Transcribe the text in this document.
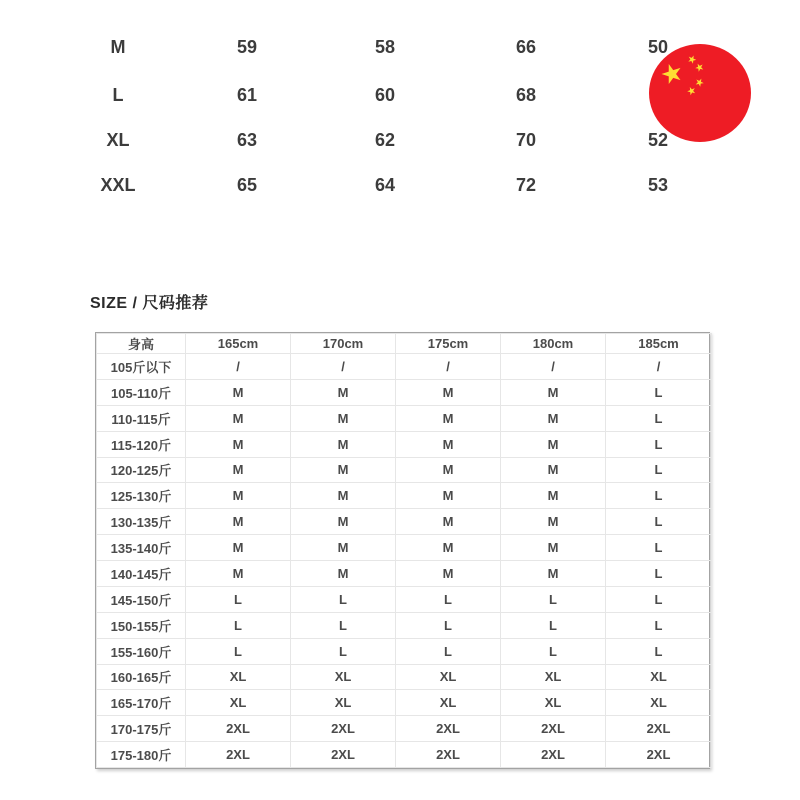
M	59	58	66	50
L	61	60	68
XL	63	62	70	52
XXL	65	64	72	53
SIZE / 尺码推荐
身高	165cm	170cm	175cm	180cm	185cm
105斤以下	/	/	/	/	/
105-110斤	M	M	M	M	L
110-115斤	M	M	M	M	L
115-120斤	M	M	M	M	L
120-125斤	M	M	M	M	L
125-130斤	M	M	M	M	L
130-135斤	M	M	M	M	L
135-140斤	M	M	M	M	L
140-145斤	M	M	M	M	L
145-150斤	L	L	L	L	L
150-155斤	L	L	L	L	L
155-160斤	L	L	L	L	L
160-165斤	XL	XL	XL	XL	XL
165-170斤	XL	XL	XL	XL	XL
170-175斤	2XL	2XL	2XL	2XL	2XL
175-180斤	2XL	2XL	2XL	2XL	2XL
